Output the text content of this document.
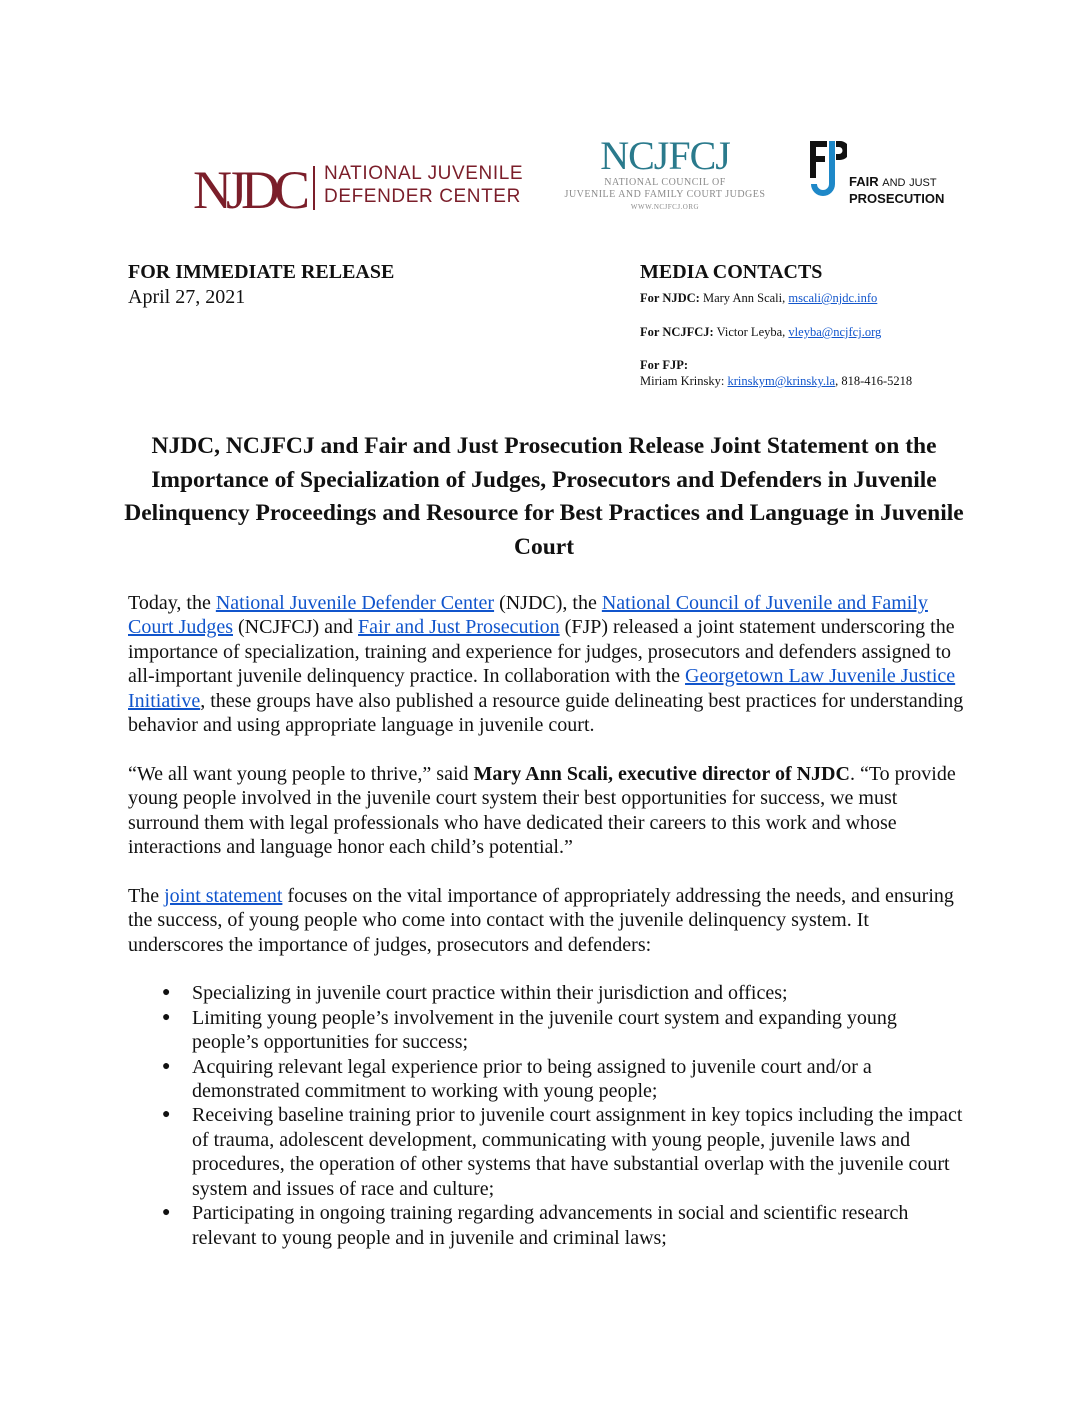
NJDC NATIONAL JUVENILE
DEFENDER CENTER
NCJFCJ
NATIONAL COUNCIL OF
JUVENILE AND FAMILY COURT JUDGES
WWW.NCJFCJ.ORG
FAIR AND JUST
PROSECUTION
FOR IMMEDIATE RELEASE
April 27, 2021
MEDIA CONTACTS
For NJDC: Mary Ann Scali, mscali@njdc.info
For NCJFCJ: Victor Leyba, vleyba@ncjfcj.org
For FJP:
Miriam Krinsky: krinskym@krinsky.la, 818-416-5218
NJDC, NCJFCJ and Fair and Just Prosecution Release Joint Statement on the Importance of Specialization of Judges, Prosecutors and Defenders in Juvenile Delinquency Proceedings and Resource for Best Practices and Language in Juvenile Court

Today, the National Juvenile Defender Center (NJDC), the National Council of Juvenile and Family Court Judges (NCJFCJ) and Fair and Just Prosecution (FJP) released a joint statement underscoring the importance of specialization, training and experience for judges, prosecutors and defenders assigned to all-important juvenile delinquency practice. In collaboration with the Georgetown Law Juvenile Justice Initiative, these groups have also published a resource guide delineating best practices for understanding behavior and using appropriate language in juvenile court.

“We all want young people to thrive,” said Mary Ann Scali, executive director of NJDC. “To provide young people involved in the juvenile court system their best opportunities for success, we must surround them with legal professionals who have dedicated their careers to this work and whose interactions and language honor each child’s potential.”

The joint statement focuses on the vital importance of appropriately addressing the needs, and ensuring the success, of young people who come into contact with the juvenile delinquency system. It underscores the importance of judges, prosecutors and defenders:

● Specializing in juvenile court practice within their jurisdiction and offices;
● Limiting young people’s involvement in the juvenile court system and expanding young people’s opportunities for success;
● Acquiring relevant legal experience prior to being assigned to juvenile court and/or a demonstrated commitment to working with young people;
● Receiving baseline training prior to juvenile court assignment in key topics including the impact of trauma, adolescent development, communicating with young people, juvenile laws and procedures, the operation of other systems that have substantial overlap with the juvenile court system and issues of race and culture;
● Participating in ongoing training regarding advancements in social and scientific research relevant to young people and in juvenile and criminal laws;
